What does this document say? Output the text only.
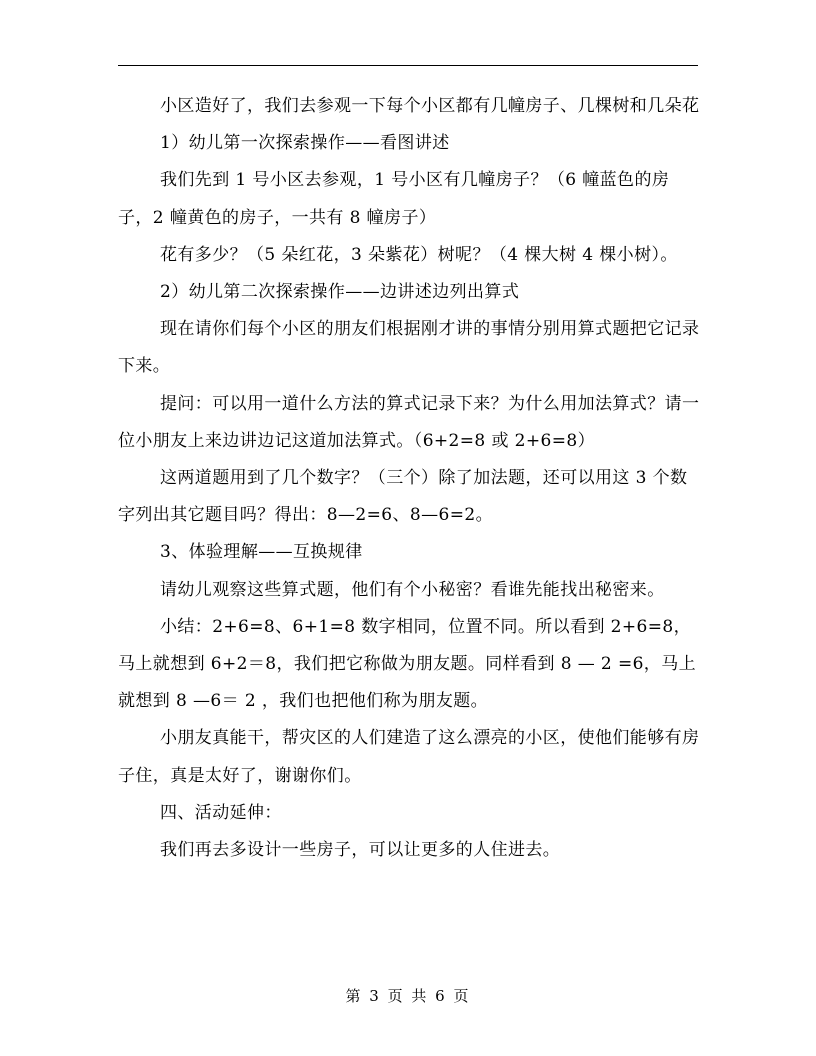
小区造好了，我们去参观一下每个小区都有几幢房子、几棵树和几朵花

1）幼儿第一次探索操作——看图讲述

我们先到 1 号小区去参观，1 号小区有几幢房子？（6 幢蓝色的房子，2 幢黄色的房子，一共有 8 幢房子）

花有多少？（5 朵红花，3 朵紫花）树呢？（4 棵大树 4 棵小树）。

2）幼儿第二次探索操作——边讲述边列出算式

现在请你们每个小区的朋友们根据刚才讲的事情分别用算式题把它记录下来。

提问：可以用一道什么方法的算式记录下来？为什么用加法算式？请一位小朋友上来边讲边记这道加法算式。（6+2=8 或 2+6=8）

这两道题用到了几个数字？（三个）除了加法题，还可以用这 3 个数字列出其它题目吗？得出：8—2=6、8—6=2。

3、体验理解——互换规律

请幼儿观察这些算式题，他们有个小秘密？看谁先能找出秘密来。

小结：2+6=8、6+1=8 数字相同，位置不同。所以看到 2+6=8，马上就想到 6+2＝8，我们把它称做为朋友题。同样看到 8 — 2 =6，马上就想到 8 —6＝ 2 ，我们也把他们称为朋友题。

小朋友真能干，帮灾区的人们建造了这么漂亮的小区，使他们能够有房子住，真是太好了，谢谢你们。

四、活动延伸：

我们再去多设计一些房子，可以让更多的人住进去。

第 3 页 共 6 页
